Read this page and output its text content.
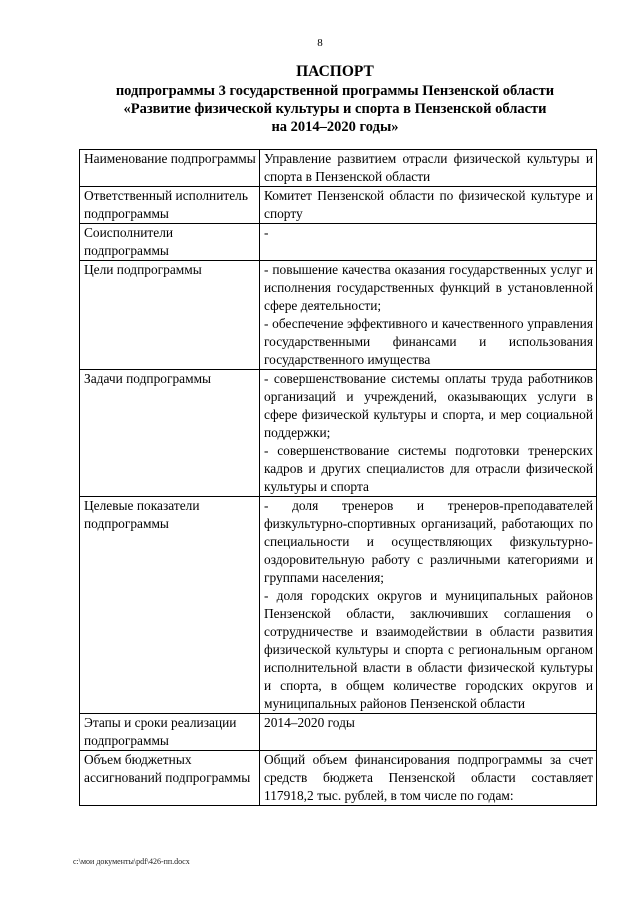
8
ПАСПОРТ
подпрограммы 3 государственной программы Пензенской области
«Развитие физической культуры и спорта в Пензенской области
на 2014–2020 годы»
Наименование подпрограммы	Управление развитием отрасли физической культуры и спорта в Пензенской области

Ответственный исполнитель подпрограммы	Комитет Пензенской области по физической культуре и спорту

Соисполнители подпрограммы	-

Цели подпрограммы	- повышение качества оказания государственных услуг и исполнения государственных функций в установленной сфере деятельности;
- обеспечение эффективного и качественного управления государственными финансами и использования государственного имущества

Задачи подпрограммы	- совершенствование системы оплаты труда работников организаций и учреждений, оказывающих услуги в сфере физической культуры и спорта, и мер социальной поддержки;
- совершенствование системы подготовки тренерских кадров и других специалистов для отрасли физической культуры и спорта

Целевые показатели подпрограммы	- доля тренеров и тренеров-преподавателей физкультурно-спортивных организаций, работающих по специальности и осуществляющих физкультурно-оздоровительную работу с различными категориями и группами населения;
- доля городских округов и муниципальных районов Пензенской области, заключивших соглашения о сотрудничестве и взаимодействии в области развития физической культуры и спорта с региональным органом исполнительной власти в области физической культуры и спорта, в общем количестве городских округов и муниципальных районов Пензенской области

Этапы и сроки реализации подпрограммы	2014–2020 годы

Объем бюджетных ассигнований подпрограммы	Общий объем финансирования подпрограммы за счет средств бюджета Пензенской области составляет 117918,2 тыс. рублей, в том числе по годам:
c:\мои документы\pdf\426-пп.docx
